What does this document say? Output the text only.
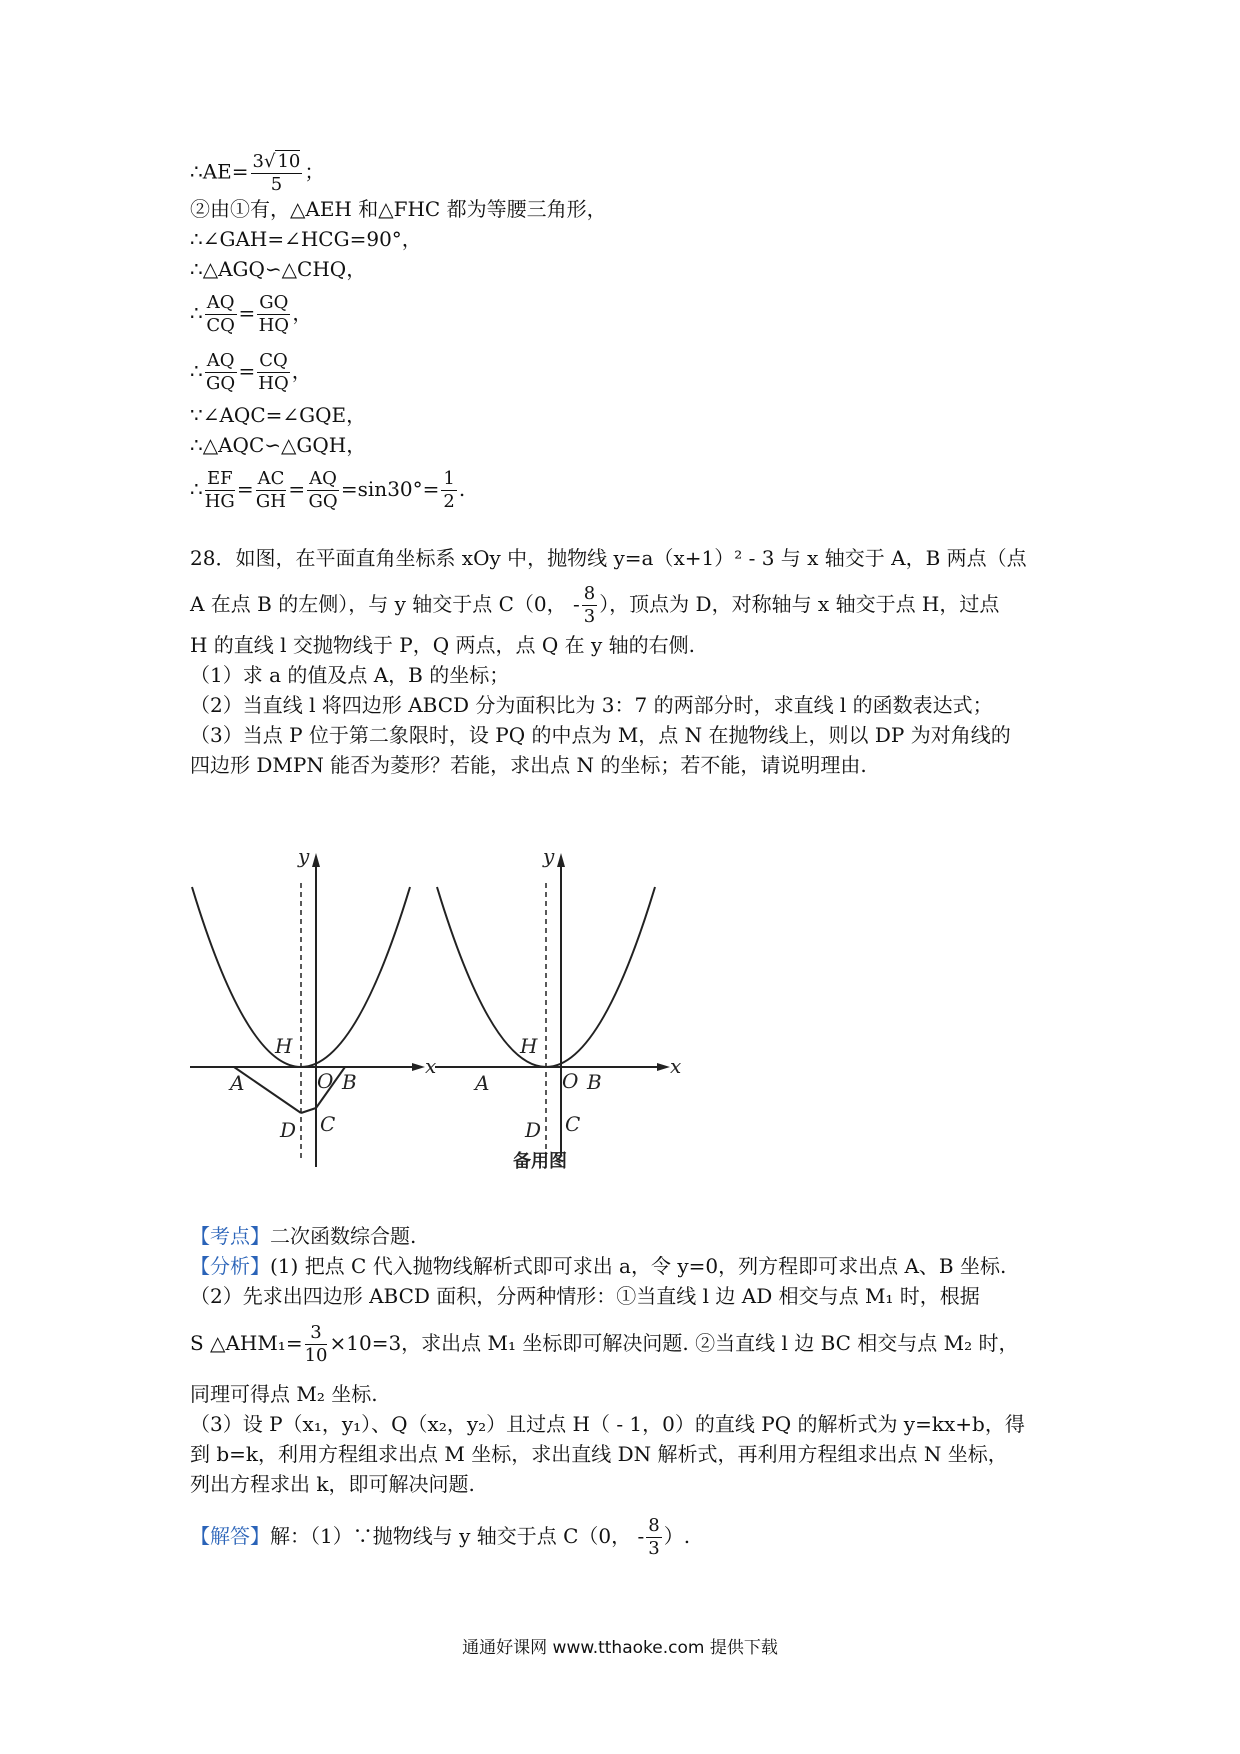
∴AE= $\frac{3√ 10}{5}$ ；
②由①有，△AEH 和△FHC 都为等腰三角形，
∴∠GAH=∠HCG=90°，
∴△AGQ∽△CHQ，
∴ $\frac{AQ}{CQ} = \frac{GQ}{HQ}$ ，
∴ $\frac{AQ}{GQ} = \frac{CQ}{HQ}$ ，
∵∠AQC=∠GQE，
∴△AQC∽△GQH，
∴ $\frac{EF}{HG} = \frac{AC}{GH} = \frac{AQ}{GQ} =\sin 30^\circ= \frac{1}{2}$ .
28．如图，在平面直角坐标系 xOy 中，抛物线 y=a（x+1）² - 3 与 x 轴交于 A，B 两点（点
A 在点 B 的左侧），与 y 轴交于点 C（0， - $\frac{8}{3}$ ），顶点为 D，对称轴与 x 轴交于点 H，过点
H 的直线 l 交抛物线于 P，Q 两点，点 Q 在 y 轴的右侧.
（1）求 a 的值及点 A，B 的坐标；
（2）当直线 l 将四边形 ABCD 分为面积比为 3：7 的两部分时，求直线 l 的函数表达式；
（3）当点 P 位于第二象限时，设 PQ 的中点为 M，点 N 在抛物线上，则以 DP 为对角线的
四边形 DMPN 能否为菱形？若能，求出点 N 的坐标；若不能，请说明理由.
y
x
H
A	O B
D C
y
x
H
A	O B
D C
备用图
【考点】二次函数综合题.
【分析】(1) 把点 C 代入抛物线解析式即可求出 a，令 y=0，列方程即可求出点 A、B 坐标.
（2）先求出四边形 ABCD 面积，分两种情形：①当直线 l 边 AD 相交与点 M₁ 时，根据
S △AHM₁= $\frac{3}{10} \times 10=3$，求出点 M₁ 坐标即可解决问题. ②当直线 l 边 BC 相交与点 M₂ 时，
同理可得点 M₂ 坐标.
（3）设 P（x₁，y₁）、Q（x₂，y₂）且过点 H（ - 1，0）的直线 PQ 的解析式为 y=kx+b，得
到 b=k，利用方程组求出点 M 坐标，求出直线 DN 解析式，再利用方程组求出点 N 坐标，
列出方程求出 k，即可解决问题.
【解答】解：（1）∵抛物线与 y 轴交于点 C（0， - $\frac{8}{3}$ ）.
通通好课网 www.tthaoke.com 提供下载
